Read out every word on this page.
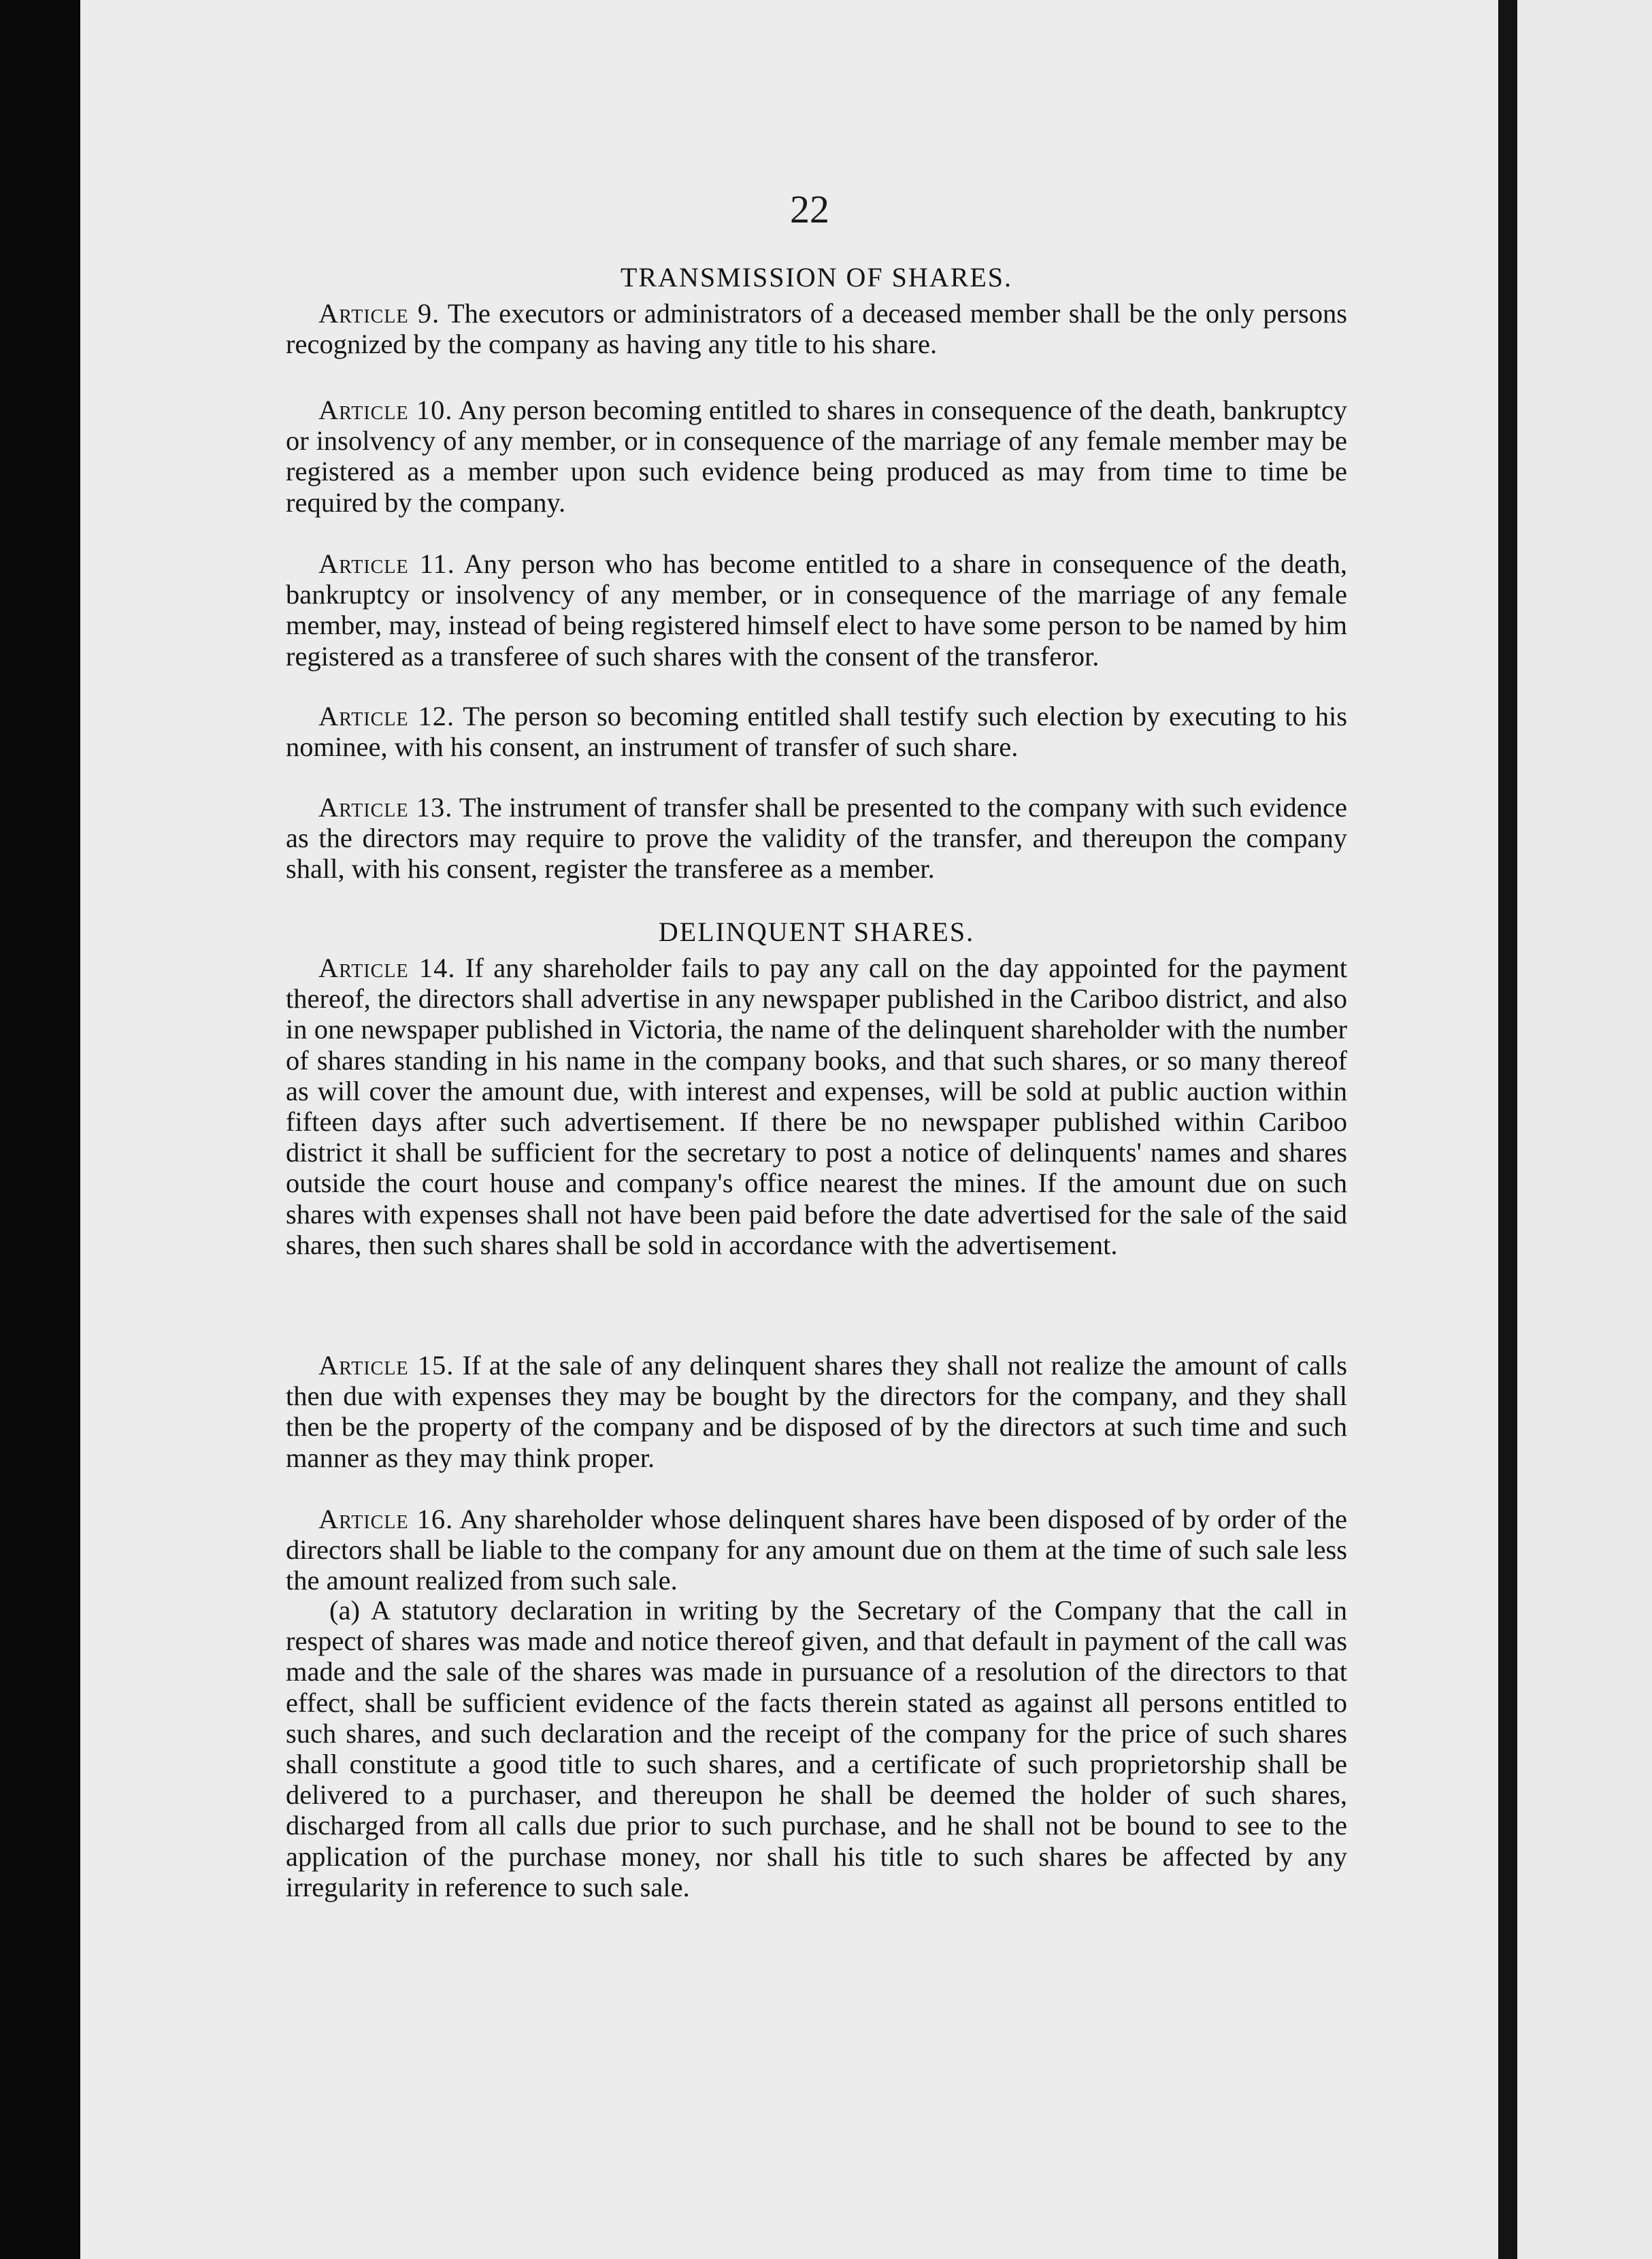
22
TRANSMISSION OF SHARES.

Article 9. The executors or administrators of a deceased member shall be the only persons recognized by the company as having any title to his share.

Article 10. Any person becoming entitled to shares in consequence of the death, bankruptcy or insolvency of any member, or in consequence of the marriage of any female member may be registered as a member upon such evidence being produced as may from time to time be required by the company.

Article 11. Any person who has become entitled to a share in consequence of the death, bankruptcy or insolvency of any member, or in consequence of the marriage of any female member, may, instead of being registered himself elect to have some person to be named by him registered as a transferee of such shares with the consent of the transferor.

Article 12. The person so becoming entitled shall testify such election by executing to his nominee, with his consent, an instrument of transfer of such share.

Article 13. The instrument of transfer shall be presented to the company with such evidence as the directors may require to prove the validity of the transfer, and thereupon the company shall, with his consent, register the transferee as a member.

DELINQUENT SHARES.

Article 14. If any shareholder fails to pay any call on the day appointed for the payment thereof, the directors shall advertise in any newspaper published in the Cariboo district, and also in one newspaper published in Victoria, the name of the delinquent shareholder with the number of shares standing in his name in the company books, and that such shares, or so many thereof as will cover the amount due, with interest and expenses, will be sold at public auction within fifteen days after such advertisement. If there be no newspaper published within Cariboo district it shall be sufficient for the secretary to post a notice of delinquents' names and shares outside the court house and company's office nearest the mines. If the amount due on such shares with expenses shall not have been paid before the date advertised for the sale of the said shares, then such shares shall be sold in accordance with the advertisement.

Article 15. If at the sale of any delinquent shares they shall not realize the amount of calls then due with expenses they may be bought by the directors for the company, and they shall then be the property of the company and be disposed of by the directors at such time and such manner as they may think proper.

Article 16. Any shareholder whose delinquent shares have been disposed of by order of the directors shall be liable to the company for any amount due on them at the time of such sale less the amount realized from such sale.

(a) A statutory declaration in writing by the Secretary of the Company that the call in respect of shares was made and notice thereof given, and that default in payment of the call was made and the sale of the shares was made in pursuance of a resolution of the directors to that effect, shall be sufficient evidence of the facts therein stated as against all persons entitled to such shares, and such declaration and the receipt of the company for the price of such shares shall constitute a good title to such shares, and a certificate of such proprietorship shall be delivered to a purchaser, and thereupon he shall be deemed the holder of such shares, discharged from all calls due prior to such purchase, and he shall not be bound to see to the application of the purchase money, nor shall his title to such shares be affected by any irregularity in reference to such sale.
